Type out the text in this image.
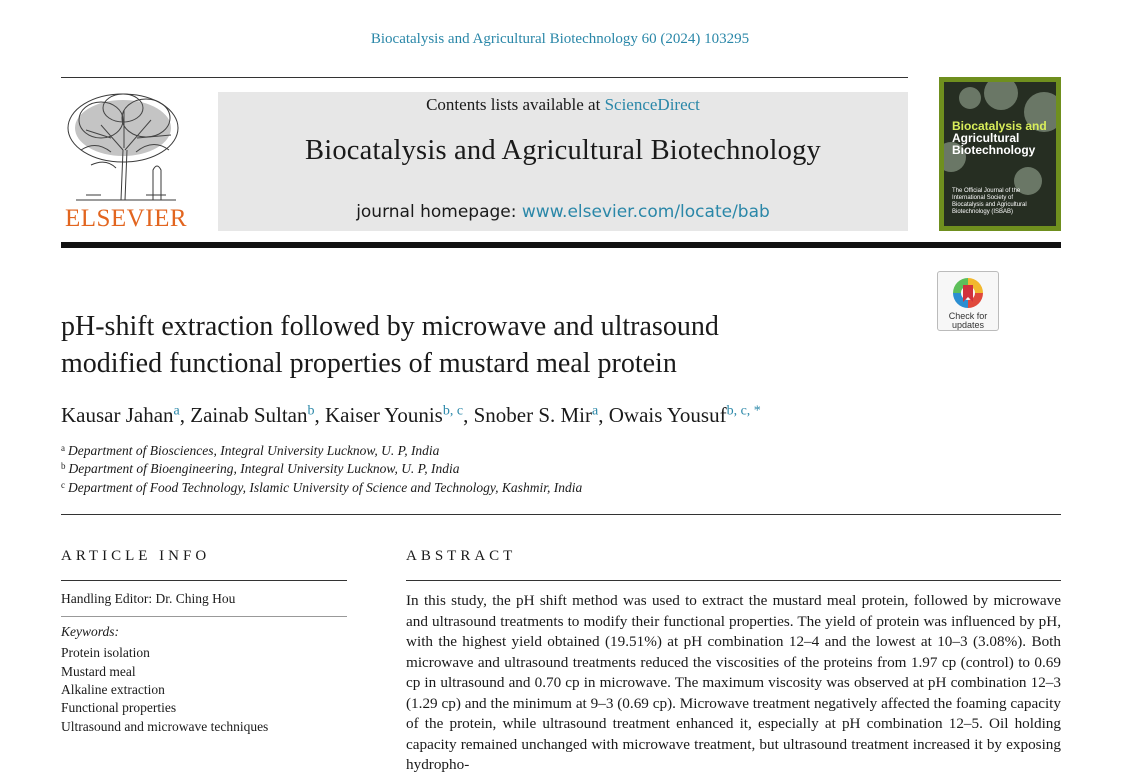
Biocatalysis and Agricultural Biotechnology 60 (2024) 103295
ELSEVIER
Contents lists available at ScienceDirect
Biocatalysis and Agricultural Biotechnology
journal homepage: www.elsevier.com/locate/bab
Biocatalysis and
Agricultural
Biotechnology
The Official Journal of the International Society of Biocatalysis and Agricultural Biotechnology (ISBAB)
Check for
updates
pH-shift extraction followed by microwave and ultrasound
modified functional properties of mustard meal protein
Kausar Jahan$^a$, Zainab Sultan$^b$, Kaiser Younis$^{b, c}$, Snober S. Mir$^a$, Owais Yousuf$^{b, c, *}$
$^a$ Department of Biosciences, Integral University Lucknow, U. P, India
$^b$ Department of Bioengineering, Integral University Lucknow, U. P, India
$^c$ Department of Food Technology, Islamic University of Science and Technology, Kashmir, India
ARTICLE INFO
Handling Editor: Dr. Ching Hou
Keywords:
Protein isolation
Mustard meal
Alkaline extraction
Functional properties
Ultrasound and microwave techniques
ABSTRACT
In this study, the pH shift method was used to extract the mustard meal protein, followed by microwave and ultrasound treatments to modify their functional properties. The yield of protein was influenced by pH, with the highest yield obtained (19.51%) at pH combination 12–4 and the lowest at 10–3 (3.08%). Both microwave and ultrasound treatments reduced the viscosities of the proteins from 1.97 cp (control) to 0.69 cp in ultrasound and 0.70 cp in microwave. The maximum viscosity was observed at pH combination 12–3 (1.29 cp) and the minimum at 9–3 (0.69 cp). Microwave treatment negatively affected the foaming capacity of the protein, while ultrasound treatment enhanced it, especially at pH combination 12–5. Oil holding capacity remained unchanged with microwave treatment, but ultrasound treatment increased it by exposing hydropho-
